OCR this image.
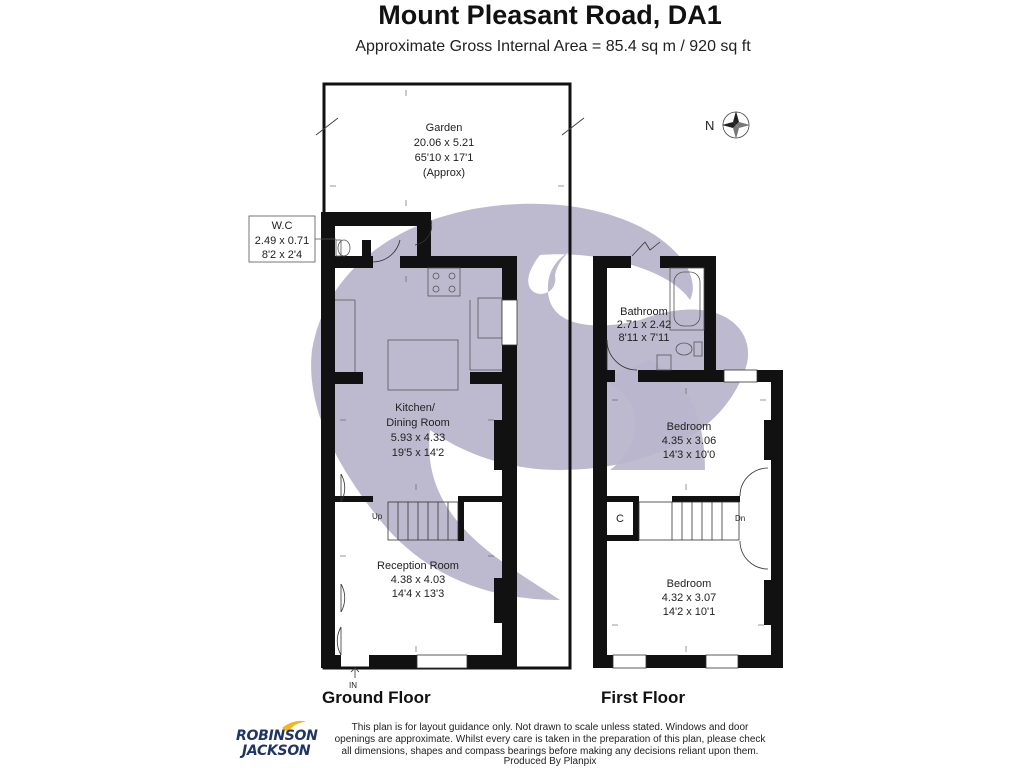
Mount Pleasant Road, DA1
Approximate Gross Internal Area = 85.4 sq m / 920 sq ft
Garden
20.06 x 5.21
65'10 x 17'1
(Approx)
Kitchen/
Dining Room
5.93 x 4.33
19'5 x 14'2
Reception Room
4.38 x 4.03
14'4 x 13'3
Up
IN
W.C
2.49 x 0.71
8'2 x 2'4
Bathroom
2.71 x 2.42
8'11 x 7'11
Bedroom
4.35 x 3.06
14'3 x 10'0
Bedroom
4.32 x 3.07
14'2 x 10'1
C	Dn
N
Ground Floor	First Floor
ROBINSON
JACKSON
This plan is for layout guidance only. Not drawn to scale unless stated. Windows and door openings are approximate. Whilst every care is taken in the preparation of this plan, please check all dimensions, shapes and compass bearings before making any decisions reliant upon them.
Produced By Planpix
